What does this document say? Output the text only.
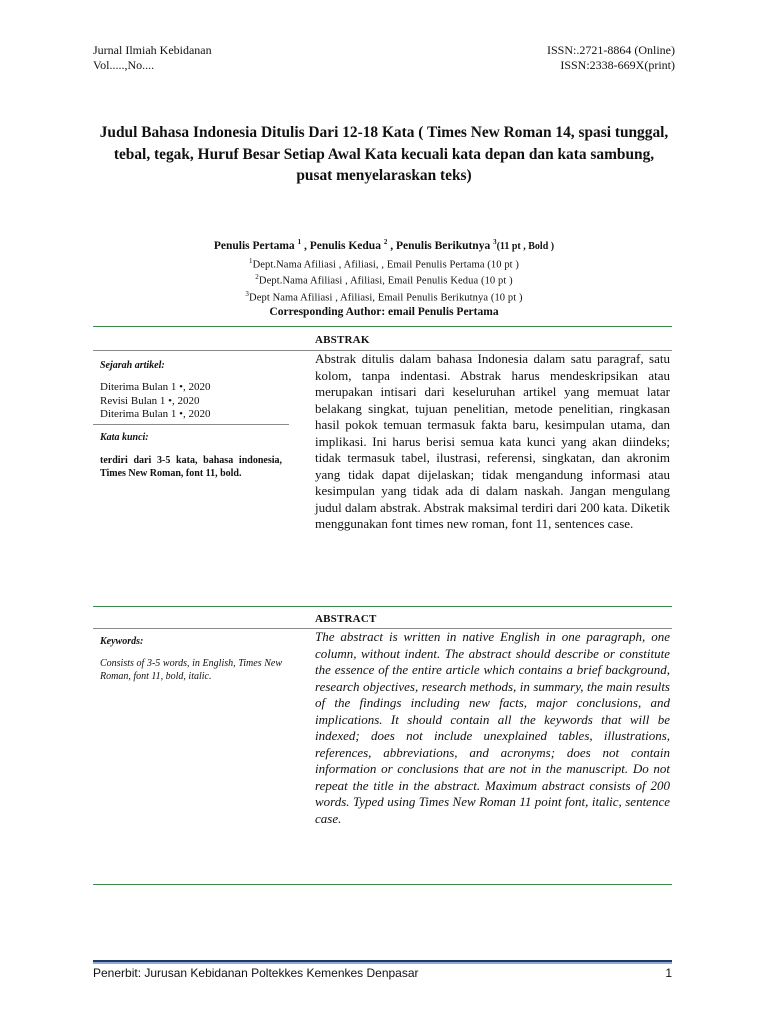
Jurnal Ilmiah Kebidanan	ISSN:.2721-8864 (Online)
Vol.....,No....	ISSN:2338-669X(print)
Judul Bahasa Indonesia Ditulis Dari 12-18 Kata ( Times New Roman 14, spasi tunggal, tebal, tegak, Huruf Besar Setiap Awal Kata kecuali kata depan dan kata sambung, pusat menyelaraskan teks)
Penulis Pertama $^1$ , Penulis Kedua $^2$ , Penulis Berikutnya $^3$(11 pt , Bold )
$^1$Dept.Nama Afiliasi , Afiliasi, , Email Penulis Pertama (10 pt )
$^2$Dept.Nama Afiliasi , Afiliasi, Email Penulis Kedua (10 pt )
$^3$Dept Nama Afiliasi , Afiliasi, Email Penulis Berikutnya (10 pt )
Corresponding Author: email Penulis Pertama
ABSTRAK
Sejarah artikel:
Diterima Bulan 1 •, 2020
Revisi Bulan 1 •, 2020
Diterima Bulan 1 •, 2020
Kata kunci:
terdiri dari 3-5 kata, bahasa indonesia, Times New Roman, font 11, bold.
Abstrak ditulis dalam bahasa Indonesia dalam satu paragraf, satu kolom, tanpa indentasi. Abstrak harus mendeskripsikan atau merupakan intisari dari keseluruhan artikel yang memuat latar belakang singkat, tujuan penelitian, metode penelitian, ringkasan hasil pokok temuan termasuk fakta baru, kesimpulan utama, dan implikasi. Ini harus berisi semua kata kunci yang akan diindeks; tidak termasuk tabel, ilustrasi, referensi, singkatan, dan akronim yang tidak dapat dijelaskan; tidak mengandung informasi atau kesimpulan yang tidak ada di dalam naskah. Jangan mengulang judul dalam abstrak. Abstrak maksimal terdiri dari 200 kata. Diketik menggunakan font times new roman, font 11, sentences case.
ABSTRACT
Keywords:
Consists of 3-5 words, in English, Times New Roman, font 11, bold, italic.
The abstract is written in native English in one paragraph, one column, without indent. The abstract should describe or constitute the essence of the entire article which contains a brief background, research objectives, research methods, in summary, the main results of the findings including new facts, major conclusions, and implications. It should contain all the keywords that will be indexed; does not include unexplained tables, illustrations, references, abbreviations, and acronyms; does not contain information or conclusions that are not in the manuscript. Do not repeat the title in the abstract. Maximum abstract consists of 200 words. Typed using Times New Roman 11 point font, italic, sentence case.
Penerbit: Jurusan Kebidanan Poltekkes Kemenkes Denpasar	1
